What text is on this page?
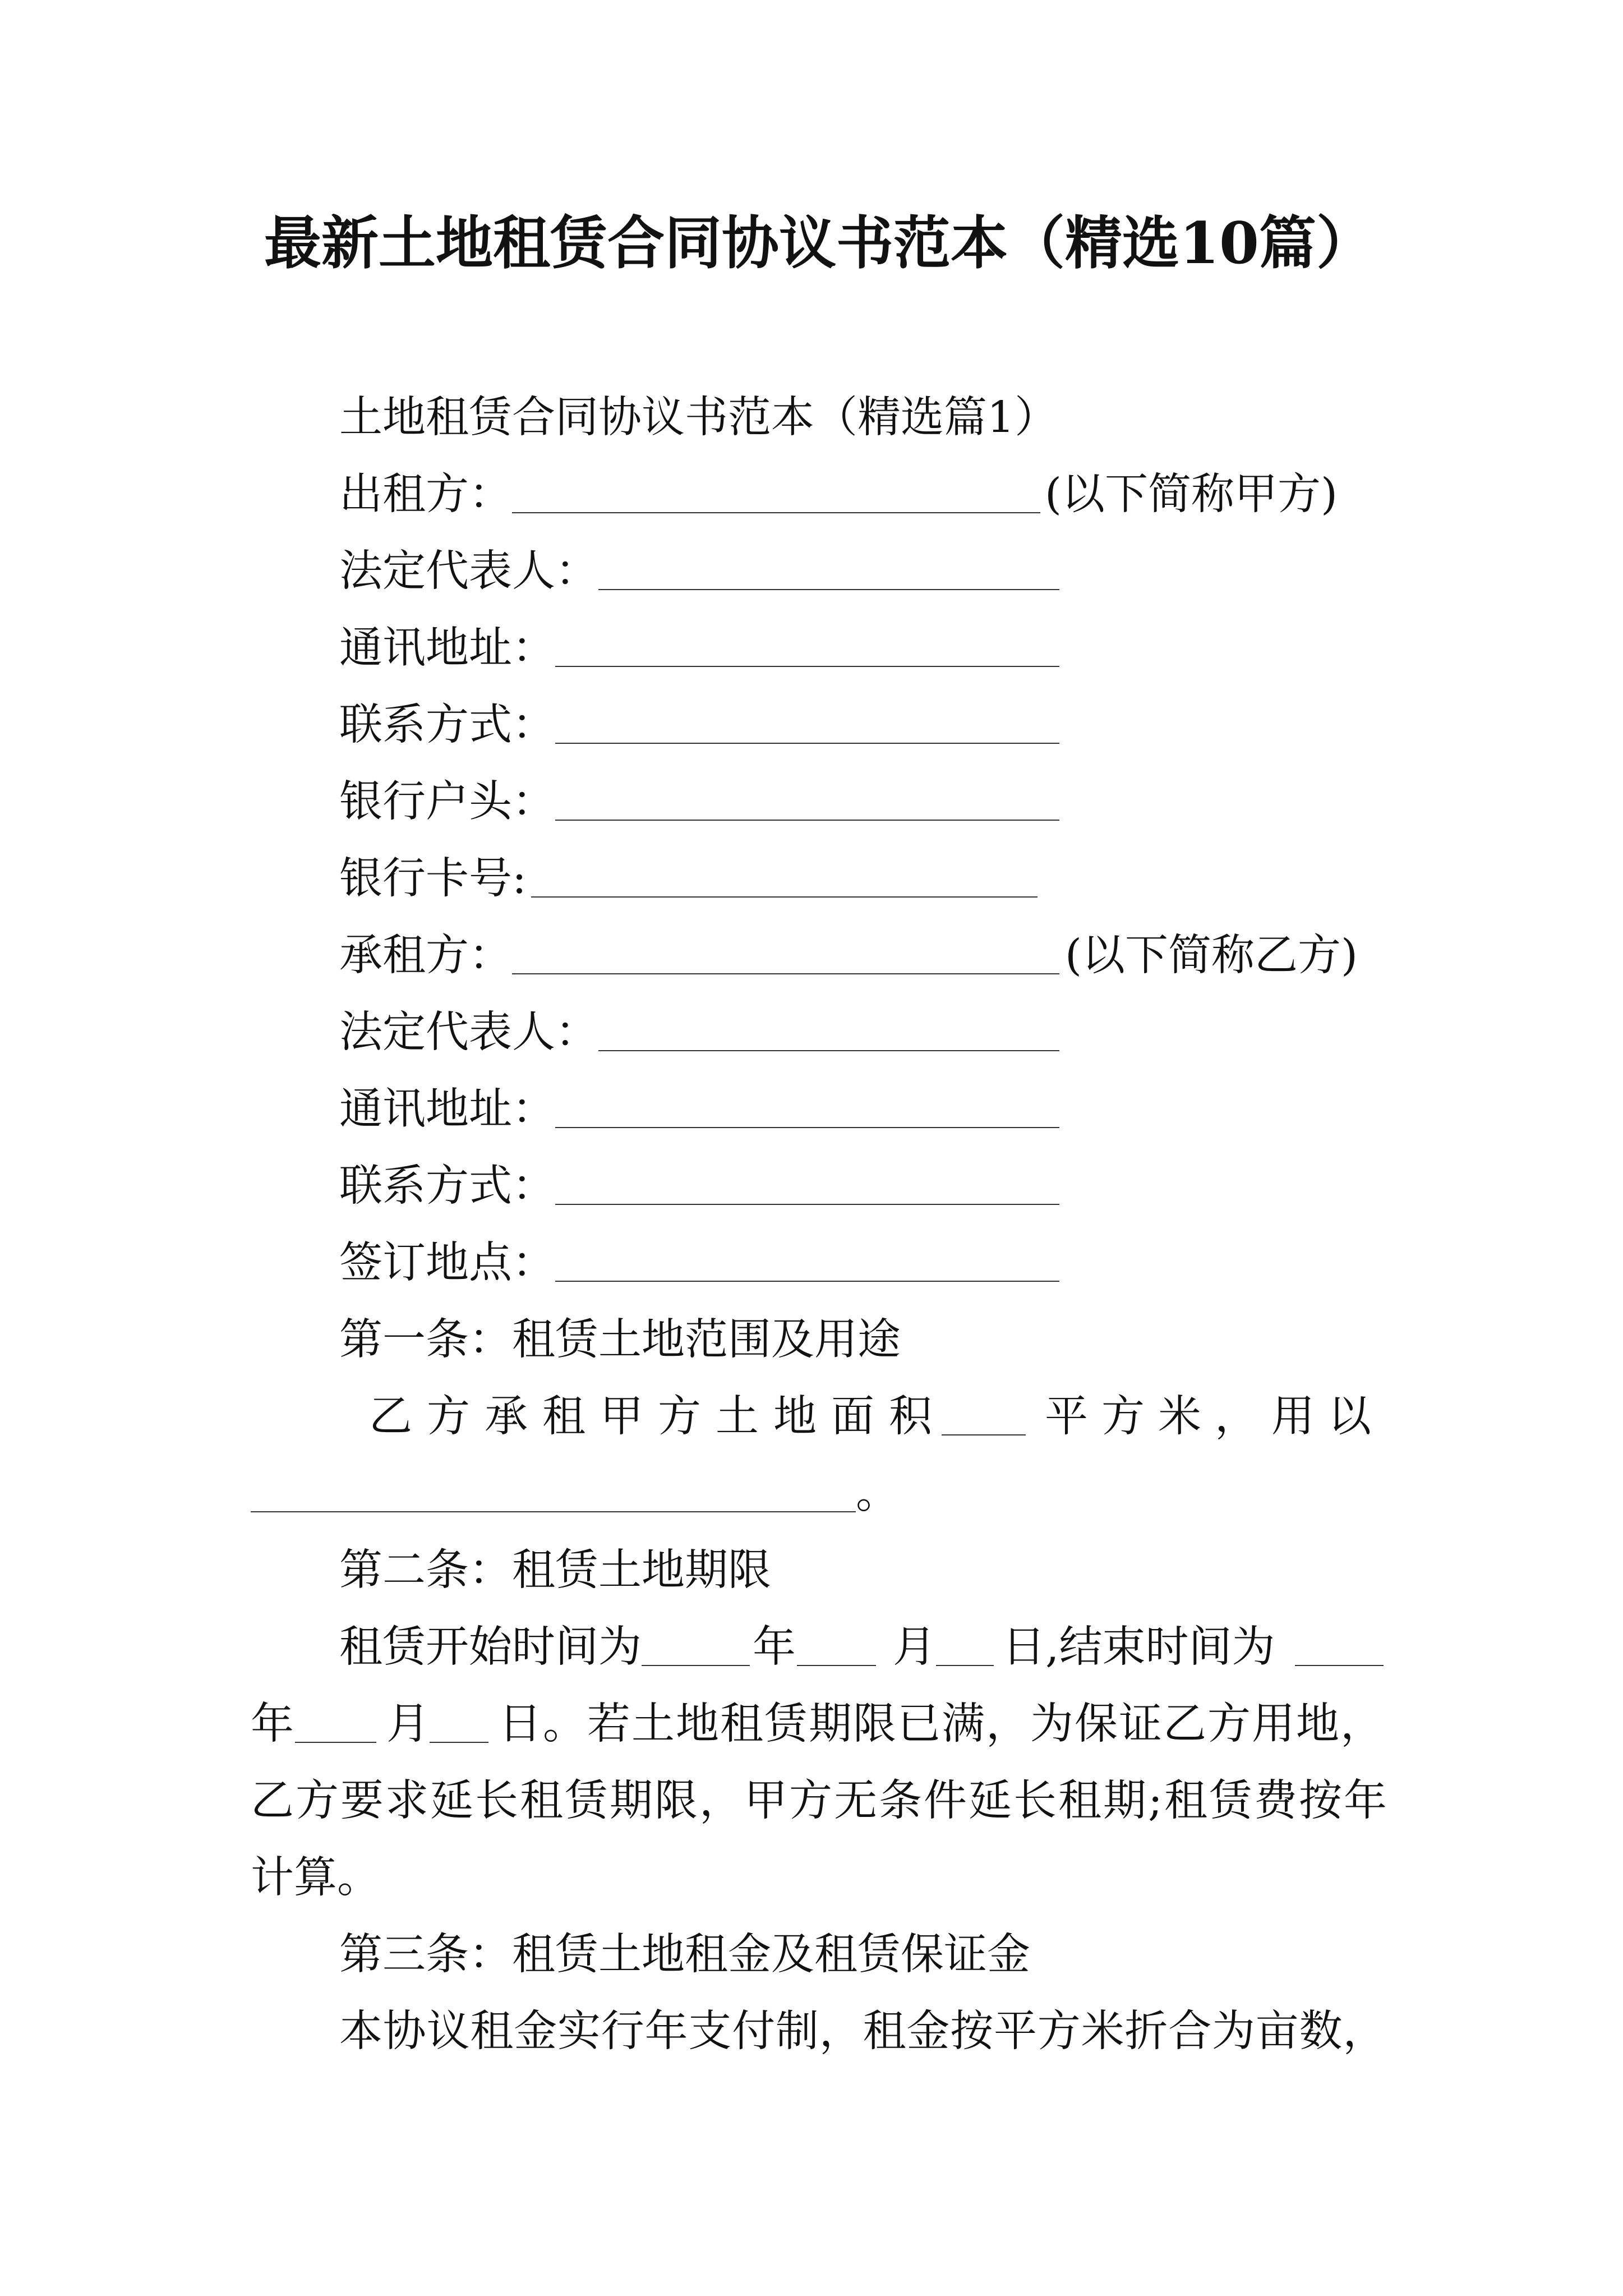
最新土地租赁合同协议书范本（精选10篇）
土地租赁合同协议书范本（精选篇1）
出租方：	(以下简称甲方)
法定代表人：
通讯地址：
联系方式：
银行户头：
银行卡号:
承租方：	(以下简称乙方)
法定代表人：
通讯地址：
联系方式：
签订地点：
第一条：租赁土地范围及用途
乙方承租甲方土地面积 平方米，用以
。
第二条：租赁土地期限
租赁开始时间为	年 月 日,结束时间为
年 月 日。若土地租赁期限已满，为保证乙方用地，
乙方要求延长租赁期限，甲方无条件延长租期;租赁费按年
计算。
第三条：租赁土地租金及租赁保证金
本协议租金实行年支付制，租金按平方米折合为亩数，
